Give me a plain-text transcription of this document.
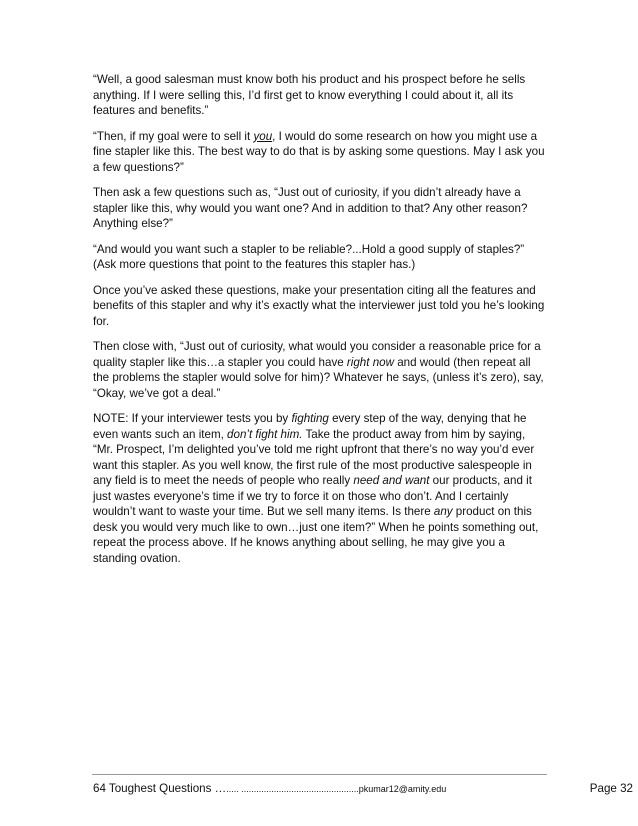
“Well, a good salesman must know both his product and his prospect before he sells anything. If I were selling this, I’d first get to know everything I could about it, all its features and benefits.”

“Then, if my goal were to sell it you, I would do some research on how you might use a fine stapler like this. The best way to do that is by asking some questions. May I ask you a few questions?”

Then ask a few questions such as, “Just out of curiosity, if you didn’t already have a stapler like this, why would you want one? And in addition to that? Any other reason? Anything else?”

“And would you want such a stapler to be reliable?...Hold a good supply of staples?” (Ask more questions that point to the features this stapler has.)

Once you’ve asked these questions, make your presentation citing all the features and benefits of this stapler and why it’s exactly what the interviewer just told you he’s looking for.

Then close with, “Just out of curiosity, what would you consider a reasonable price for a quality stapler like this…a stapler you could have right now and would (then repeat all the problems the stapler would solve for him)? Whatever he says, (unless it’s zero), say, “Okay, we’ve got a deal.”

NOTE: If your interviewer tests you by fighting every step of the way, denying that he even wants such an item, don’t fight him. Take the product away from him by saying, “Mr. Prospect, I’m delighted you’ve told me right upfront that there’s no way you’d ever want this stapler. As you well know, the first rule of the most productive salespeople in any field is to meet the needs of people who really need and want our products, and it just wastes everyone’s time if we try to force it on those who don’t. And I certainly wouldn’t want to waste your time. But we sell many items. Is there any product on this desk you would very much like to own…just one item?” When he points something out, repeat the process above. If he knows anything about selling, he may give you a standing ovation.

64 Toughest Questions …..... ...............................................pkumar12@amity.edu	Page 32
